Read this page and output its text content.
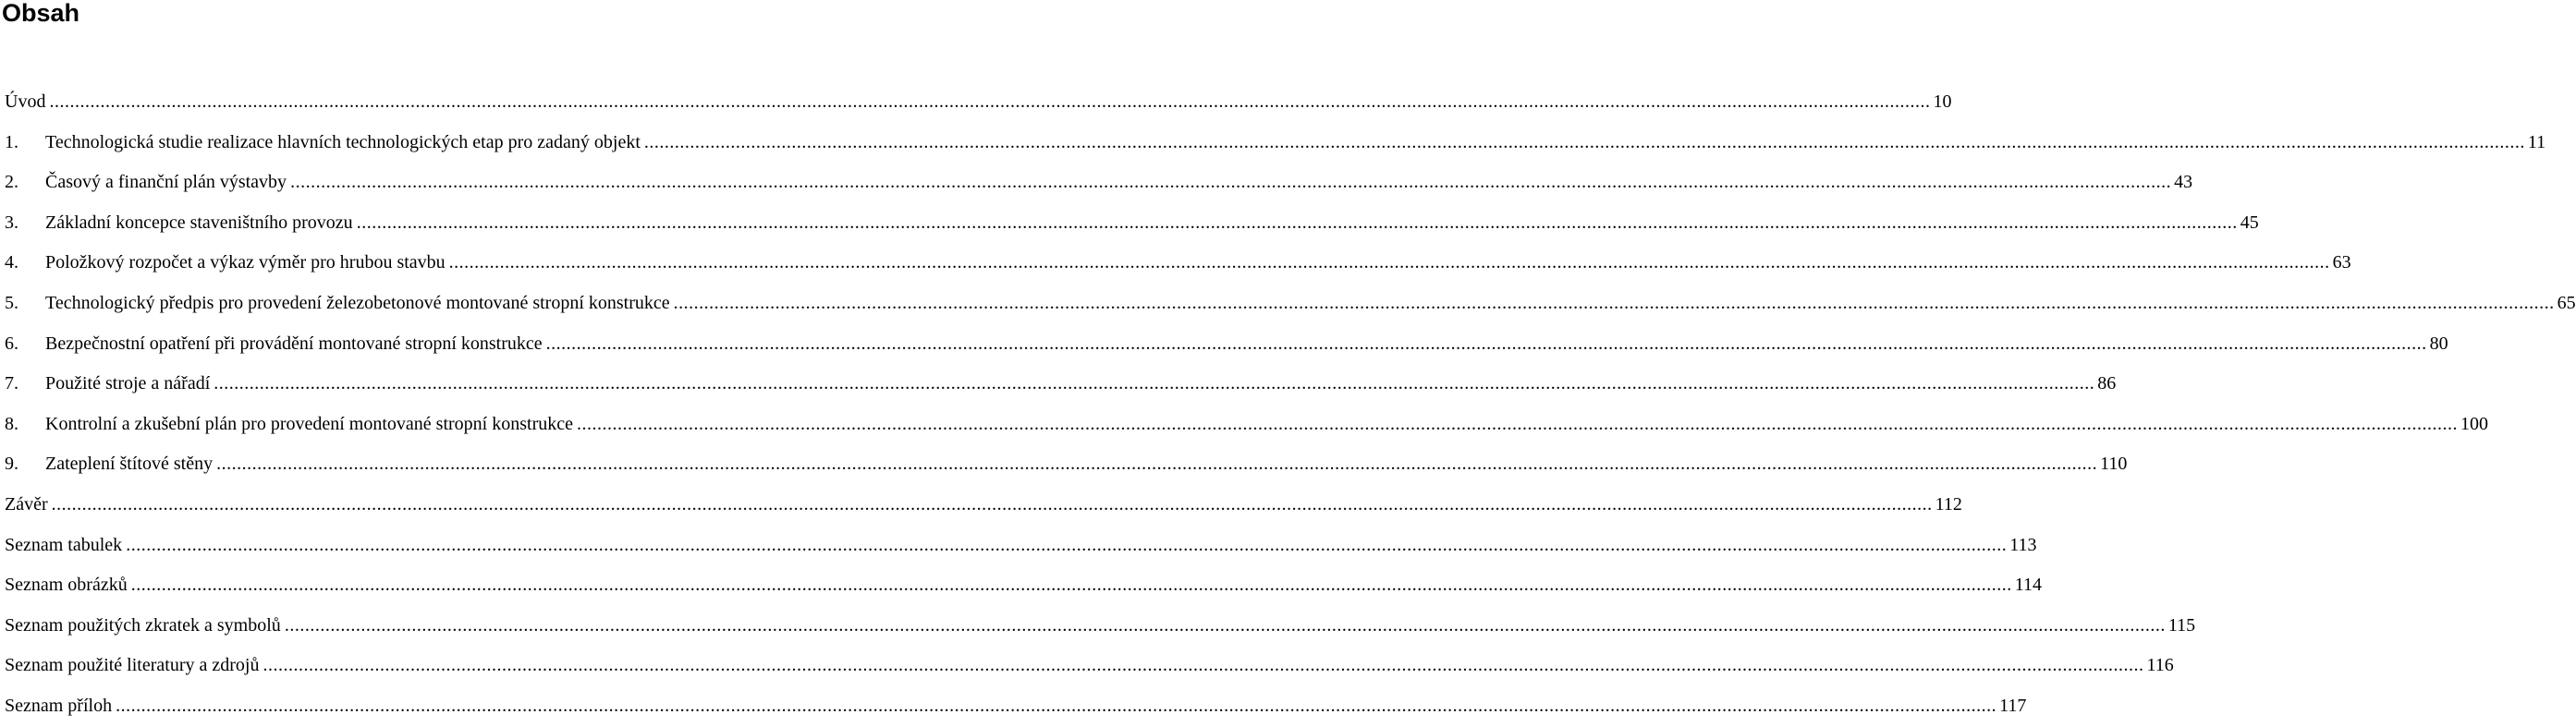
Obsah
Úvod .................................................................................................................................................................................................................................................................................................................................................................................. 10
1.	Technologická studie realizace hlavních technologických etap pro zadaný objekt .................................................................................................................................................................................................................................................................................................................................................................................. 11
2.	Časový a finanční plán výstavby .................................................................................................................................................................................................................................................................................................................................................................................. 43
3.	Základní koncepce staveništního provozu .................................................................................................................................................................................................................................................................................................................................................................................. 45
4.	Položkový rozpočet a výkaz výměr pro hrubou stavbu .................................................................................................................................................................................................................................................................................................................................................................................. 63
5.	Technologický předpis pro provedení železobetonové montované stropní konstrukce .................................................................................................................................................................................................................................................................................................................................................................................. 65
6.	Bezpečnostní opatření při provádění montované stropní konstrukce .................................................................................................................................................................................................................................................................................................................................................................................. 80
7.	Použité stroje a nářadí .................................................................................................................................................................................................................................................................................................................................................................................. 86
8.	Kontrolní a zkušební plán pro provedení montované stropní konstrukce .................................................................................................................................................................................................................................................................................................................................................................................. 100
9.	Zateplení štítové stěny .................................................................................................................................................................................................................................................................................................................................................................................. 110
Závěr .................................................................................................................................................................................................................................................................................................................................................................................. 112
Seznam tabulek .................................................................................................................................................................................................................................................................................................................................................................................. 113
Seznam obrázků .................................................................................................................................................................................................................................................................................................................................................................................. 114
Seznam použitých zkratek a symbolů .................................................................................................................................................................................................................................................................................................................................................................................. 115
Seznam použité literatury a zdrojů .................................................................................................................................................................................................................................................................................................................................................................................. 116
Seznam příloh .................................................................................................................................................................................................................................................................................................................................................................................. 117
